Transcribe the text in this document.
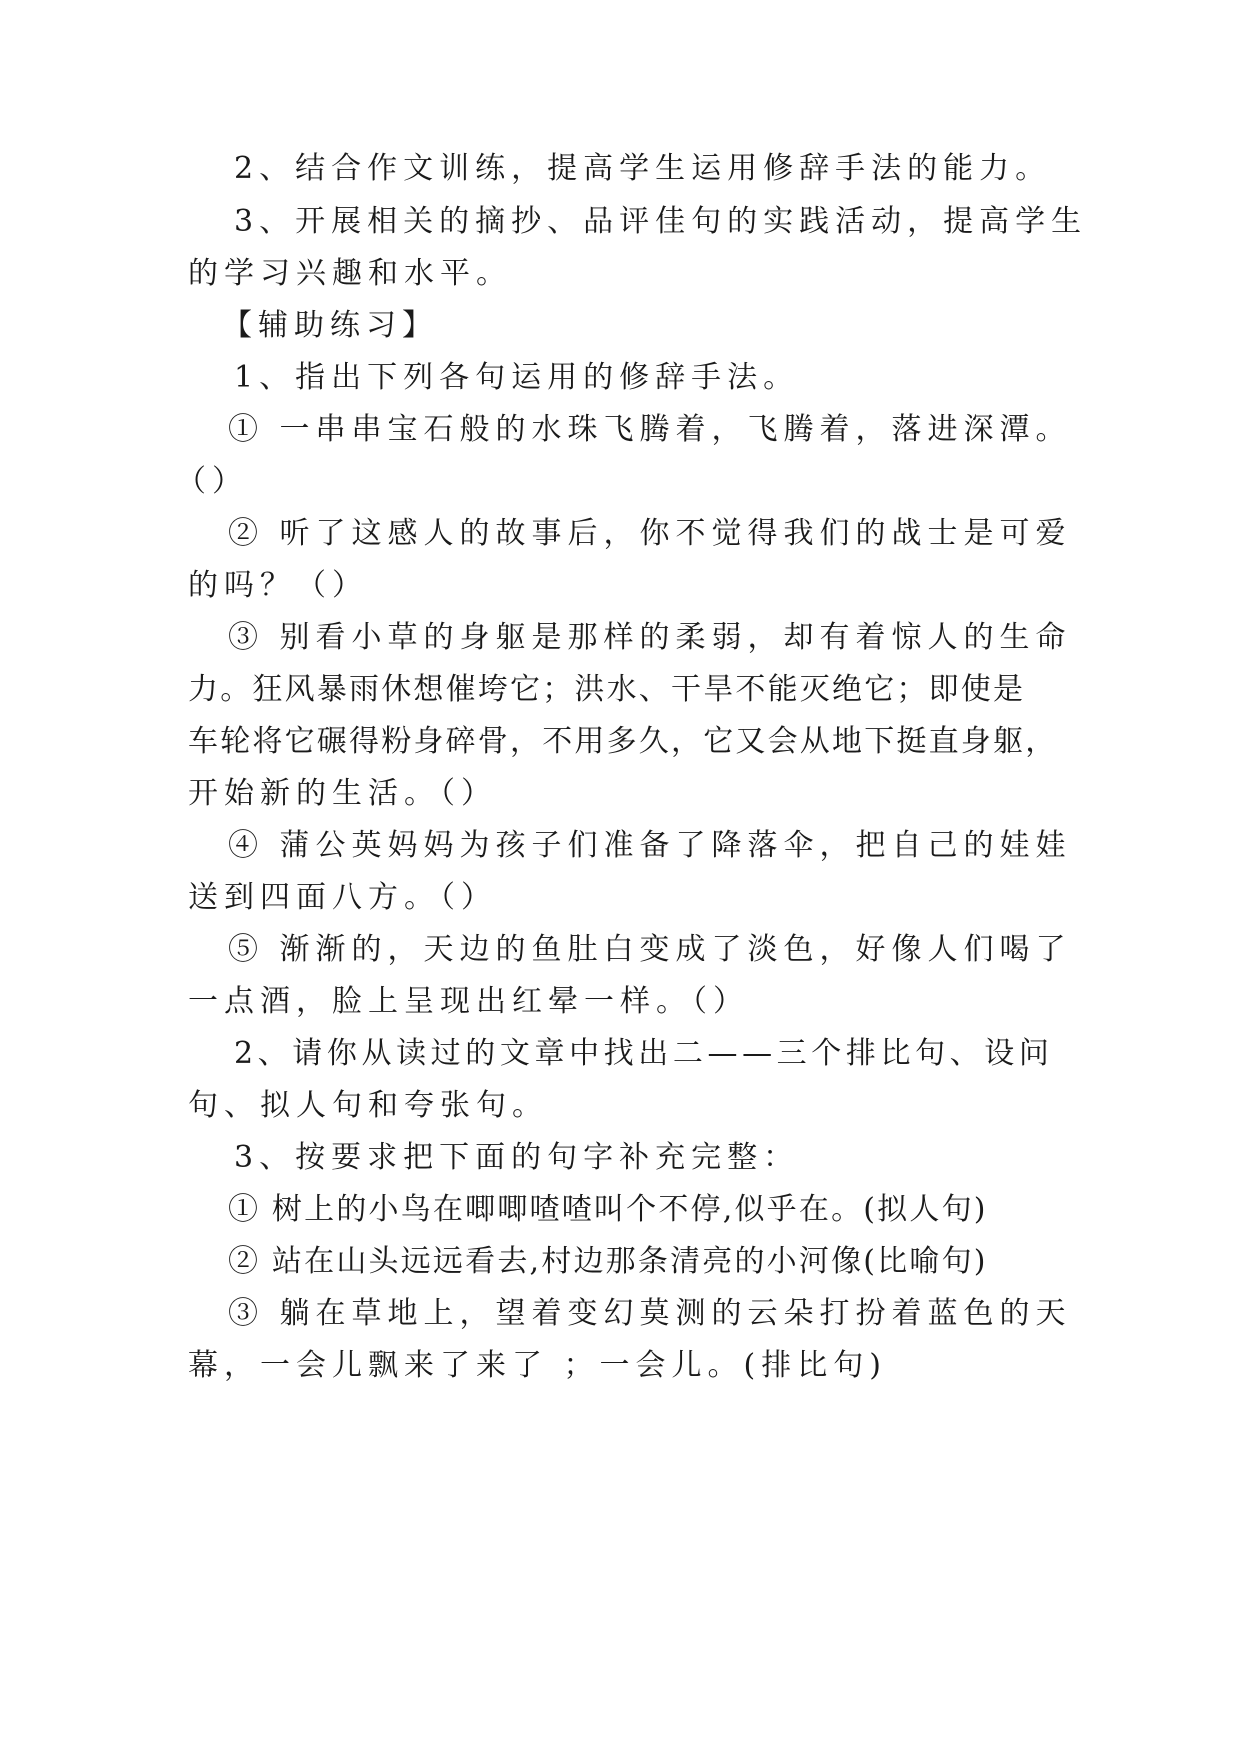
2、结合作文训练，提高学生运用修辞手法的能力。
3、开展相关的摘抄、品评佳句的实践活动，提高学生
的学习兴趣和水平。
【辅助练习】
1、指出下列各句运用的修辞手法。
① 一串串宝石般的水珠飞腾着，飞腾着，落进深潭。
（）
② 听了这感人的故事后，你不觉得我们的战士是可爱
的吗？（）
③ 别看小草的身躯是那样的柔弱，却有着惊人的生命
力。狂风暴雨休想催垮它；洪水、干旱不能灭绝它；即使是
车轮将它碾得粉身碎骨，不用多久，它又会从地下挺直身躯，
开始新的生活。（）
④ 蒲公英妈妈为孩子们准备了降落伞，把自己的娃娃
送到四面八方。（）
⑤ 渐渐的，天边的鱼肚白变成了淡色，好像人们喝了
一点酒，脸上呈现出红晕一样。（）
2、请你从读过的文章中找出二——三个排比句、设问
句、拟人句和夸张句。
3、按要求把下面的句字补充完整：
① 树上的小鸟在唧唧喳喳叫个不停,似乎在。(拟人句)
② 站在山头远远看去,村边那条清亮的小河像(比喻句)
③ 躺在草地上，望着变幻莫测的云朵打扮着蓝色的天
幕，一会儿飘来了来了 ；一会儿。(排比句)
